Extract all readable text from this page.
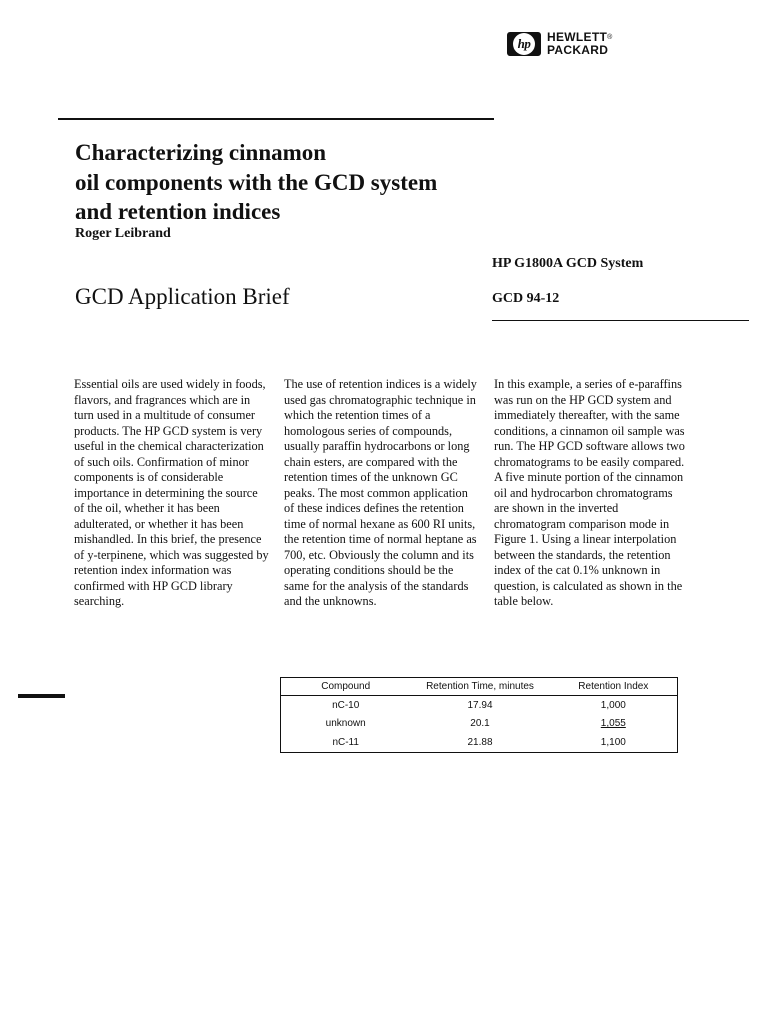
hp	HEWLETT®
PACKARD
Characterizing cinnamon
oil components with the GCD system
and retention indices
Roger Leibrand
HP G1800A GCD System
GCD Application Brief	GCD 94-12

Essential oils are used widely in foods, flavors, and fragrances which are in turn used in a multitude of consumer products. The HP GCD system is very useful in the chemical characterization of such oils. Confirmation of minor components is of considerable importance in determining the source of the oil, whether it has been adulterated, or whether it has been mishandled. In this brief, the presence of y-terpinene, which was suggested by retention index information was confirmed with HP GCD library searching.

The use of retention indices is a widely used gas chromatographic technique in which the retention times of a homologous series of compounds, usually paraffin hydrocarbons or long chain esters, are compared with the retention times of the unknown GC peaks. The most common application of these indices defines the retention time of normal hexane as 600 RI units, the retention time of normal heptane as 700, etc. Obviously the column and its operating conditions should be the same for the analysis of the standards and the unknowns.

In this example, a series of e-paraffins was run on the HP GCD system and immediately thereafter, with the same conditions, a cinnamon oil sample was run. The HP GCD software allows two chromatograms to be easily compared. A five minute portion of the cinnamon oil and hydrocarbon chromatograms are shown in the inverted chromatogram comparison mode in Figure 1. Using a linear interpolation between the standards, the retention index of the cat 0.1% unknown in question, is calculated as shown in the table below.

Compound	Retention Time, minutes	Retention Index
nC-10	17.94	1,000
unknown	20.1	1,055
nC-11	21.88	1,100
